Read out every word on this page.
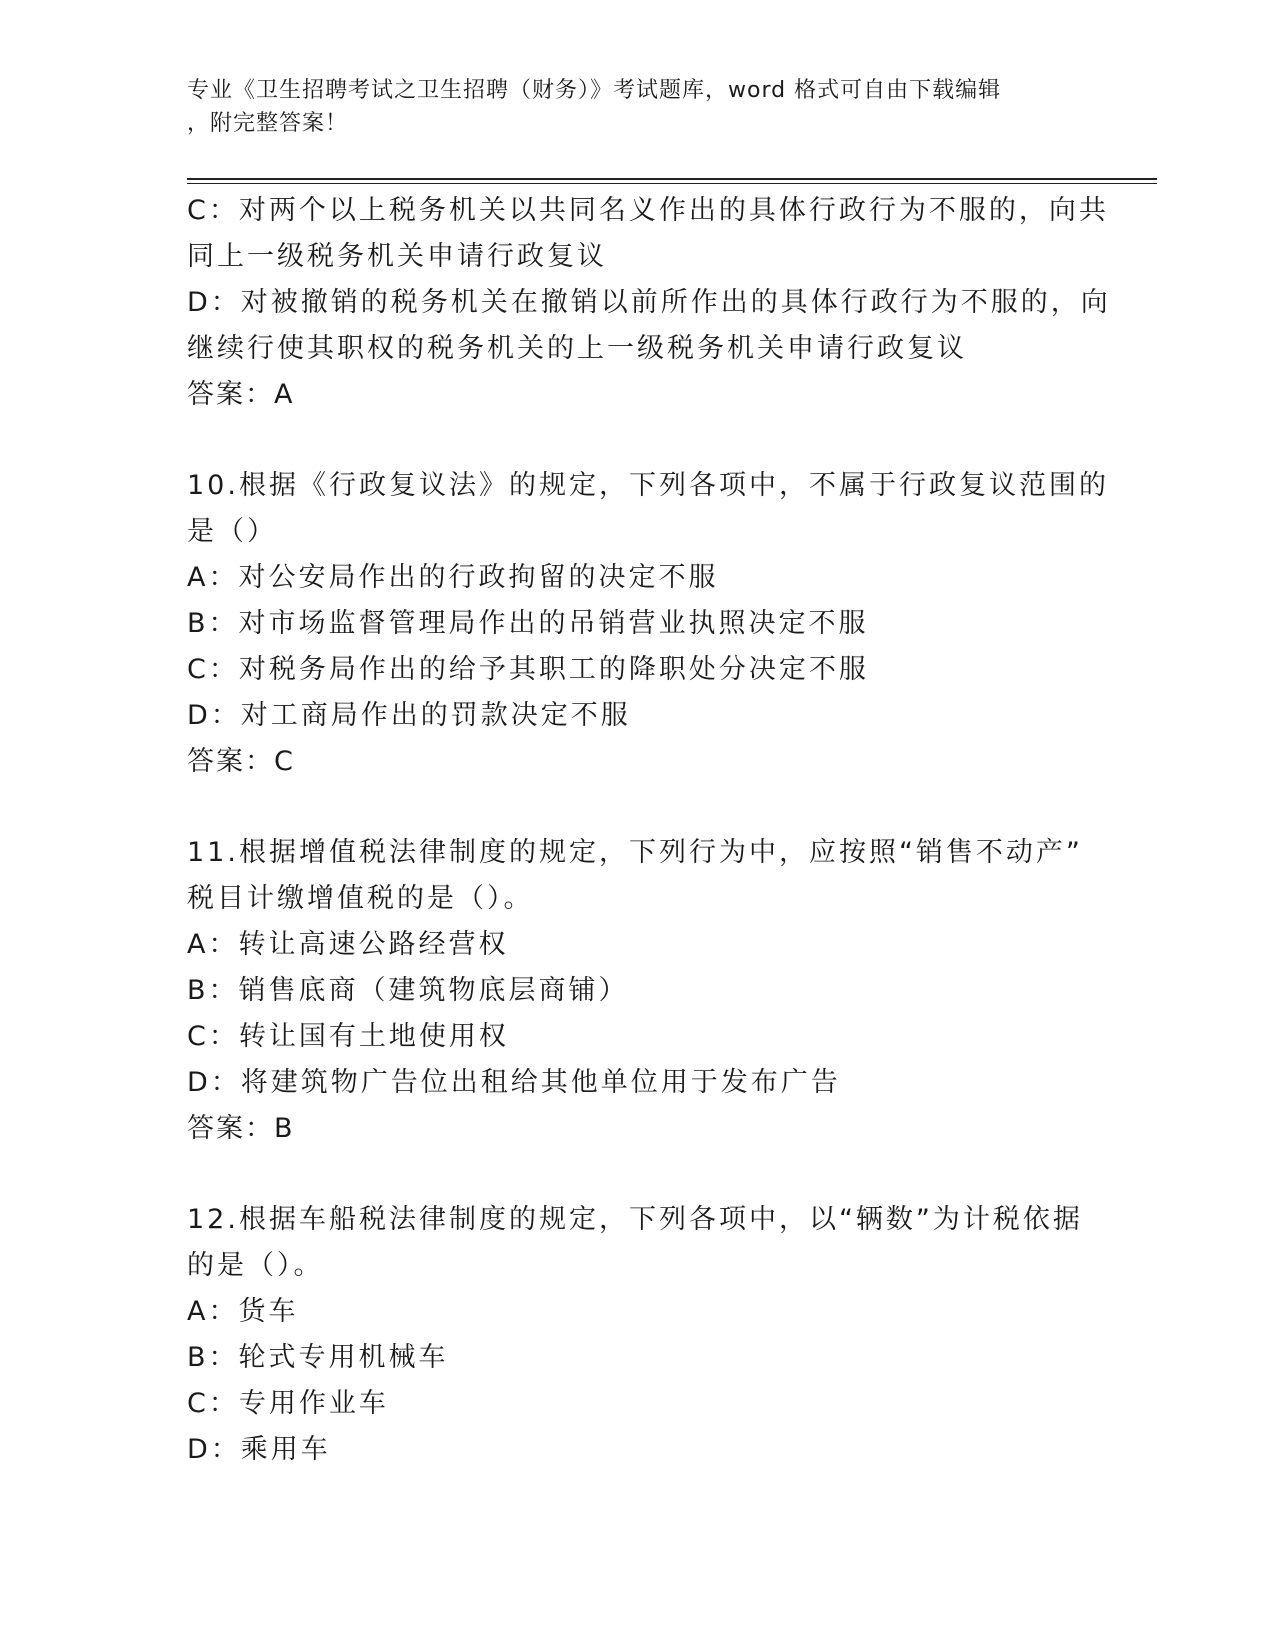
专业《卫生招聘考试之卫生招聘（财务）》考试题库，word 格式可自由下载编辑
，附完整答案！
C：对两个以上税务机关以共同名义作出的具体行政行为不服的，向共
同上一级税务机关申请行政复议
D：对被撤销的税务机关在撤销以前所作出的具体行政行为不服的，向
继续行使其职权的税务机关的上一级税务机关申请行政复议
答案：A
10.根据《行政复议法》的规定，下列各项中，不属于行政复议范围的
是（）
A：对公安局作出的行政拘留的决定不服
B：对市场监督管理局作出的吊销营业执照决定不服
C：对税务局作出的给予其职工的降职处分决定不服
D：对工商局作出的罚款决定不服
答案：C
11.根据增值税法律制度的规定，下列行为中，应按照“销售不动产”
税目计缴增值税的是（）。
A：转让高速公路经营权
B：销售底商（建筑物底层商铺）
C：转让国有土地使用权
D：将建筑物广告位出租给其他单位用于发布广告
答案：B
12.根据车船税法律制度的规定，下列各项中，以“辆数”为计税依据
的是（）。
A：货车
B：轮式专用机械车
C：专用作业车
D：乘用车
